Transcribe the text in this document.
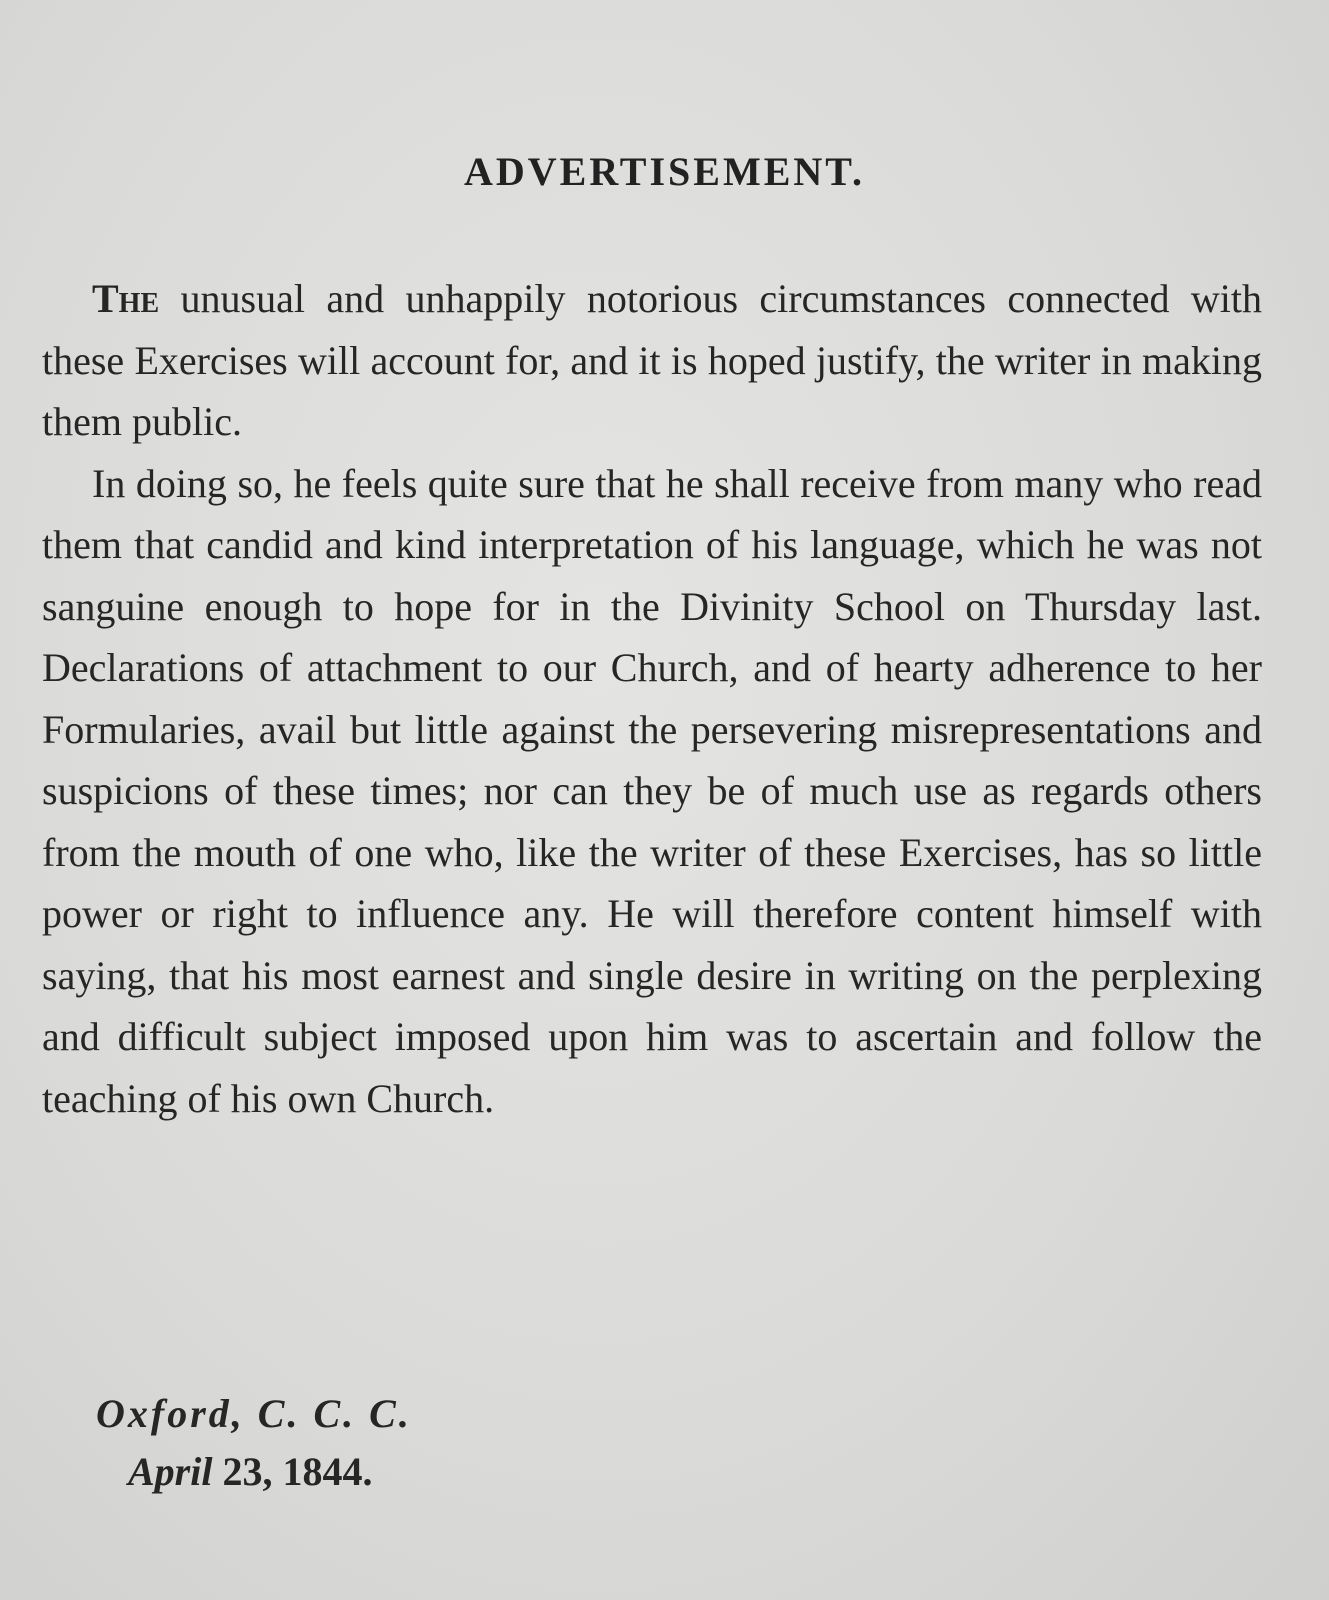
ADVERTISEMENT.

The unusual and unhappily notorious circumstances connected with these Exercises will account for, and it is hoped justify, the writer in making them public.

In doing so, he feels quite sure that he shall receive from many who read them that candid and kind interpretation of his language, which he was not sanguine enough to hope for in the Divinity School on Thursday last. Declarations of attachment to our Church, and of hearty adherence to her Formularies, avail but little against the persevering misrepresentations and suspicions of these times; nor can they be of much use as regards others from the mouth of one who, like the writer of these Exercises, has so little power or right to influence any. He will therefore content himself with saying, that his most earnest and single desire in writing on the perplexing and difficult subject imposed upon him was to ascertain and follow the teaching of his own Church.

Oxford, C. C. C.
April 23, 1844.
